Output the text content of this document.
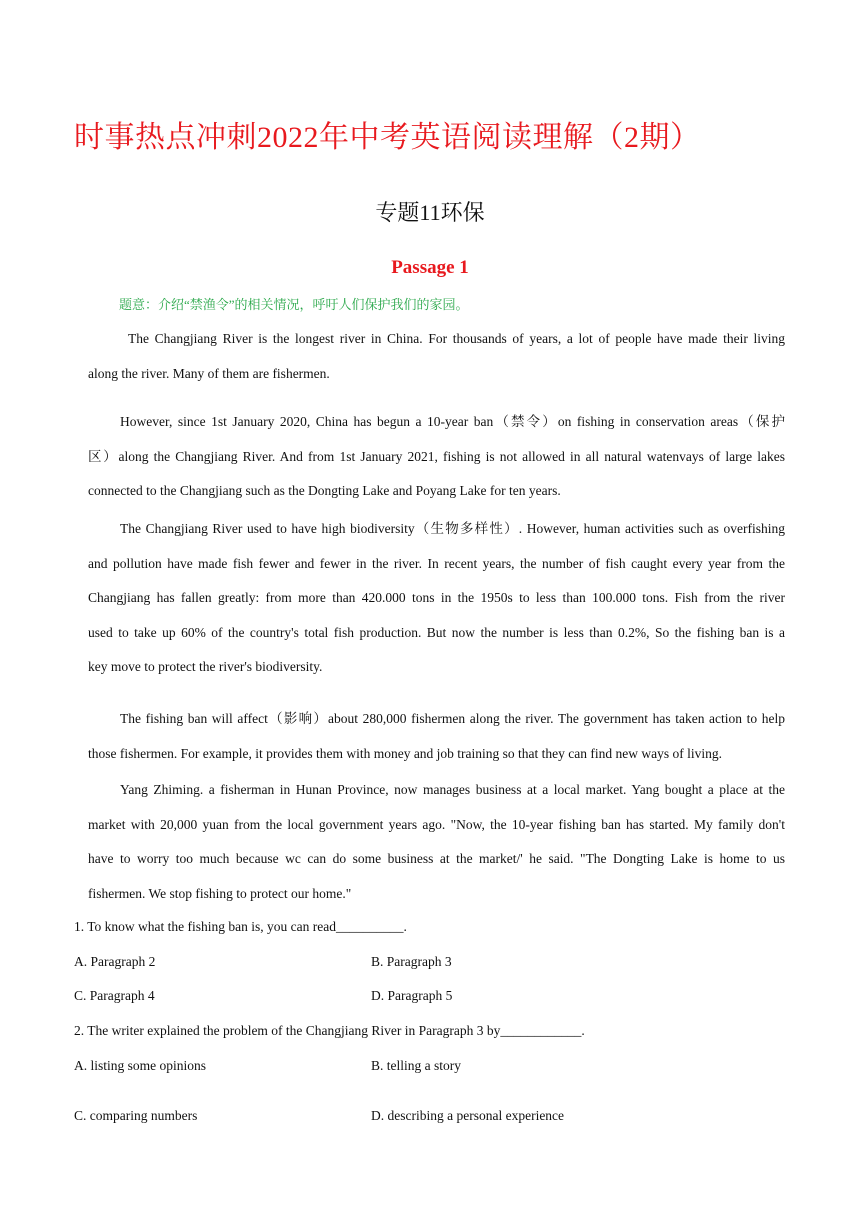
时事热点冲刺2022年中考英语阅读理解（2期）
专题11环保
Passage 1
题意：介绍“禁渔令”的相关情况，呼吁人们保护我们的家园。
The Changjiang River is the longest river in China. For thousands of years, a lot of people have made their living
along the river. Many of them are fishermen.
However, since 1st January 2020, China has begun a 10-year ban（禁令）on fishing in conservation areas（保护
区）along the Changjiang River. And from 1st January 2021, fishing is not allowed in all natural watenvays of large lakes
connected to the Changjiang such as the Dongting Lake and Poyang Lake for ten years.
The Changjiang River used to have high biodiversity（生物多样性）. However, human activities such as overfishing
and pollution have made fish fewer and fewer in the river. In recent years, the number of fish caught every year from the
Changjiang has fallen greatly: from more than 420.000 tons in the 1950s to less than 100.000 tons. Fish from the river
used to take up 60% of the country's total fish production. But now the number is less than 0.2%, So the fishing ban is a
key move to protect the river's biodiversity.
The fishing ban will affect（影响）about 280,000 fishermen along the river. The government has taken action to help
those fishermen. For example, it provides them with money and job training so that they can find new ways of living.
Yang Zhiming. a fisherman in Hunan Province, now manages business at a local market. Yang bought a place at the
market with 20,000 yuan from the local government years ago. "Now, the 10-year fishing ban has started. My family don't
have to worry too much because wc can do some business at the market/' he said. "The Dongting Lake is home to us
fishermen. We stop fishing to protect our home."
1. To know what the fishing ban is, you can read__________.
A. Paragraph 2	B. Paragraph 3
C. Paragraph 4	D. Paragraph 5
2. The writer explained the problem of the Changjiang River in Paragraph 3 by____________.
A. listing some opinions	B. telling a story
C. comparing numbers	D. describing a personal experience
